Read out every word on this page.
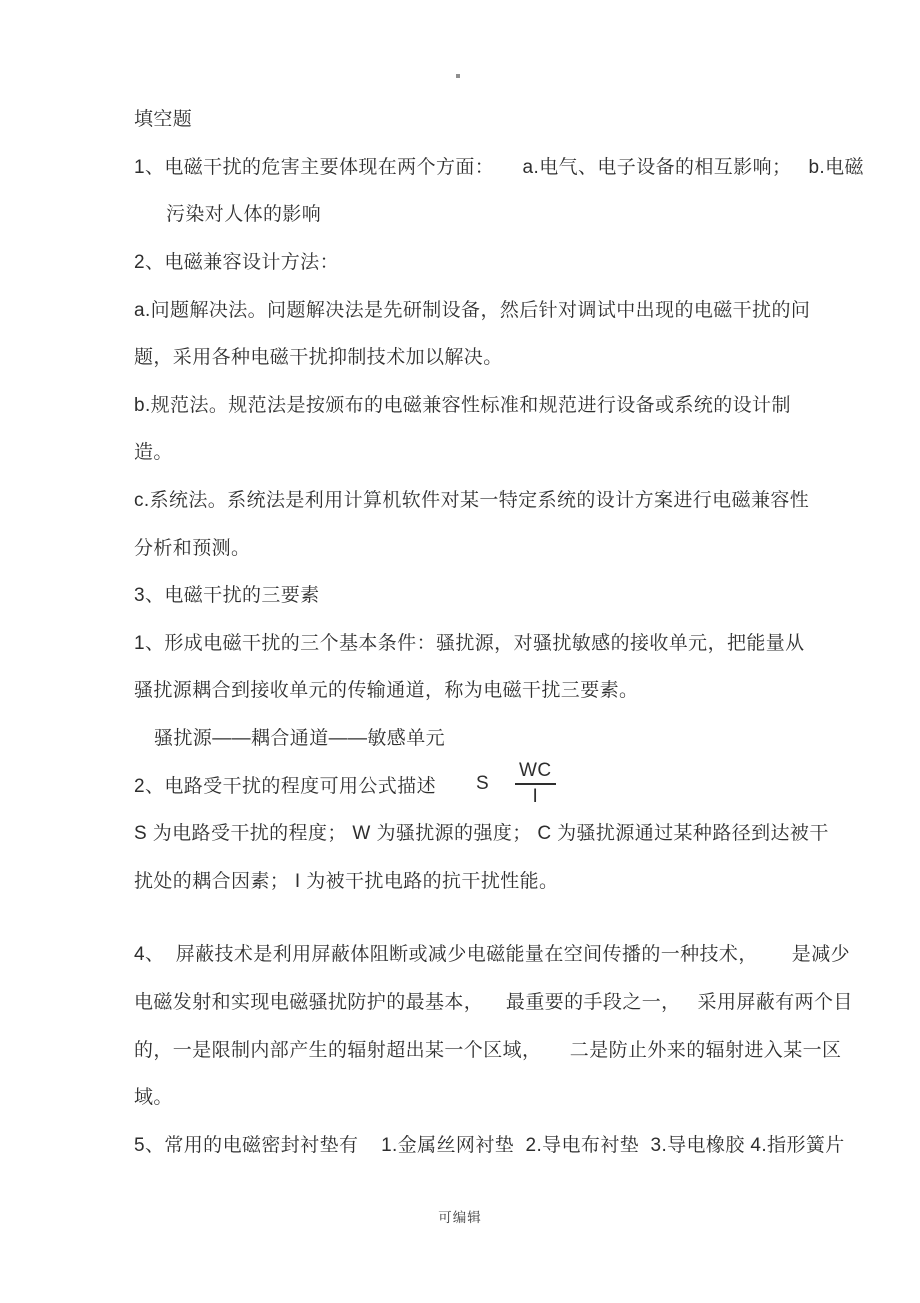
填空题
1、电磁干扰的危害主要体现在两个方面：     a.电气、电子设备的相互影响；   b.电磁
污染对人体的影响
2、电磁兼容设计方法：
a.问题解决法。问题解决法是先研制设备，然后针对调试中出现的电磁干扰的问
题，采用各种电磁干扰抑制技术加以解决。
b.规范法。规范法是按颁布的电磁兼容性标准和规范进行设备或系统的设计制
造。
c.系统法。系统法是利用计算机软件对某一特定系统的设计方案进行电磁兼容性
分析和预测。
3、电磁干扰的三要素
1、形成电磁干扰的三个基本条件：骚扰源，对骚扰敏感的接收单元，把能量从
骚扰源耦合到接收单元的传输通道，称为电磁干扰三要素。
骚扰源——耦合通道——敏感单元
2、电路受干扰的程度可用公式描述 S $\frac{WC}{I}$
S 为电路受干扰的程度； W 为骚扰源的强度； C 为骚扰源通过某种路径到达被干
扰处的耦合因素； I 为被干扰电路的抗干扰性能。
4、  屏蔽技术是利用屏蔽体阻断或减少电磁能量在空间传播的一种技术，      是减少
电磁发射和实现电磁骚扰防护的最基本，    最重要的手段之一，   采用屏蔽有两个目
的，一是限制内部产生的辐射超出某一个区域，     二是防止外来的辐射进入某一区
域。
5、常用的电磁密封衬垫有    1.金属丝网衬垫  2.导电布衬垫  3.导电橡胶 4.指形簧片
可编辑
